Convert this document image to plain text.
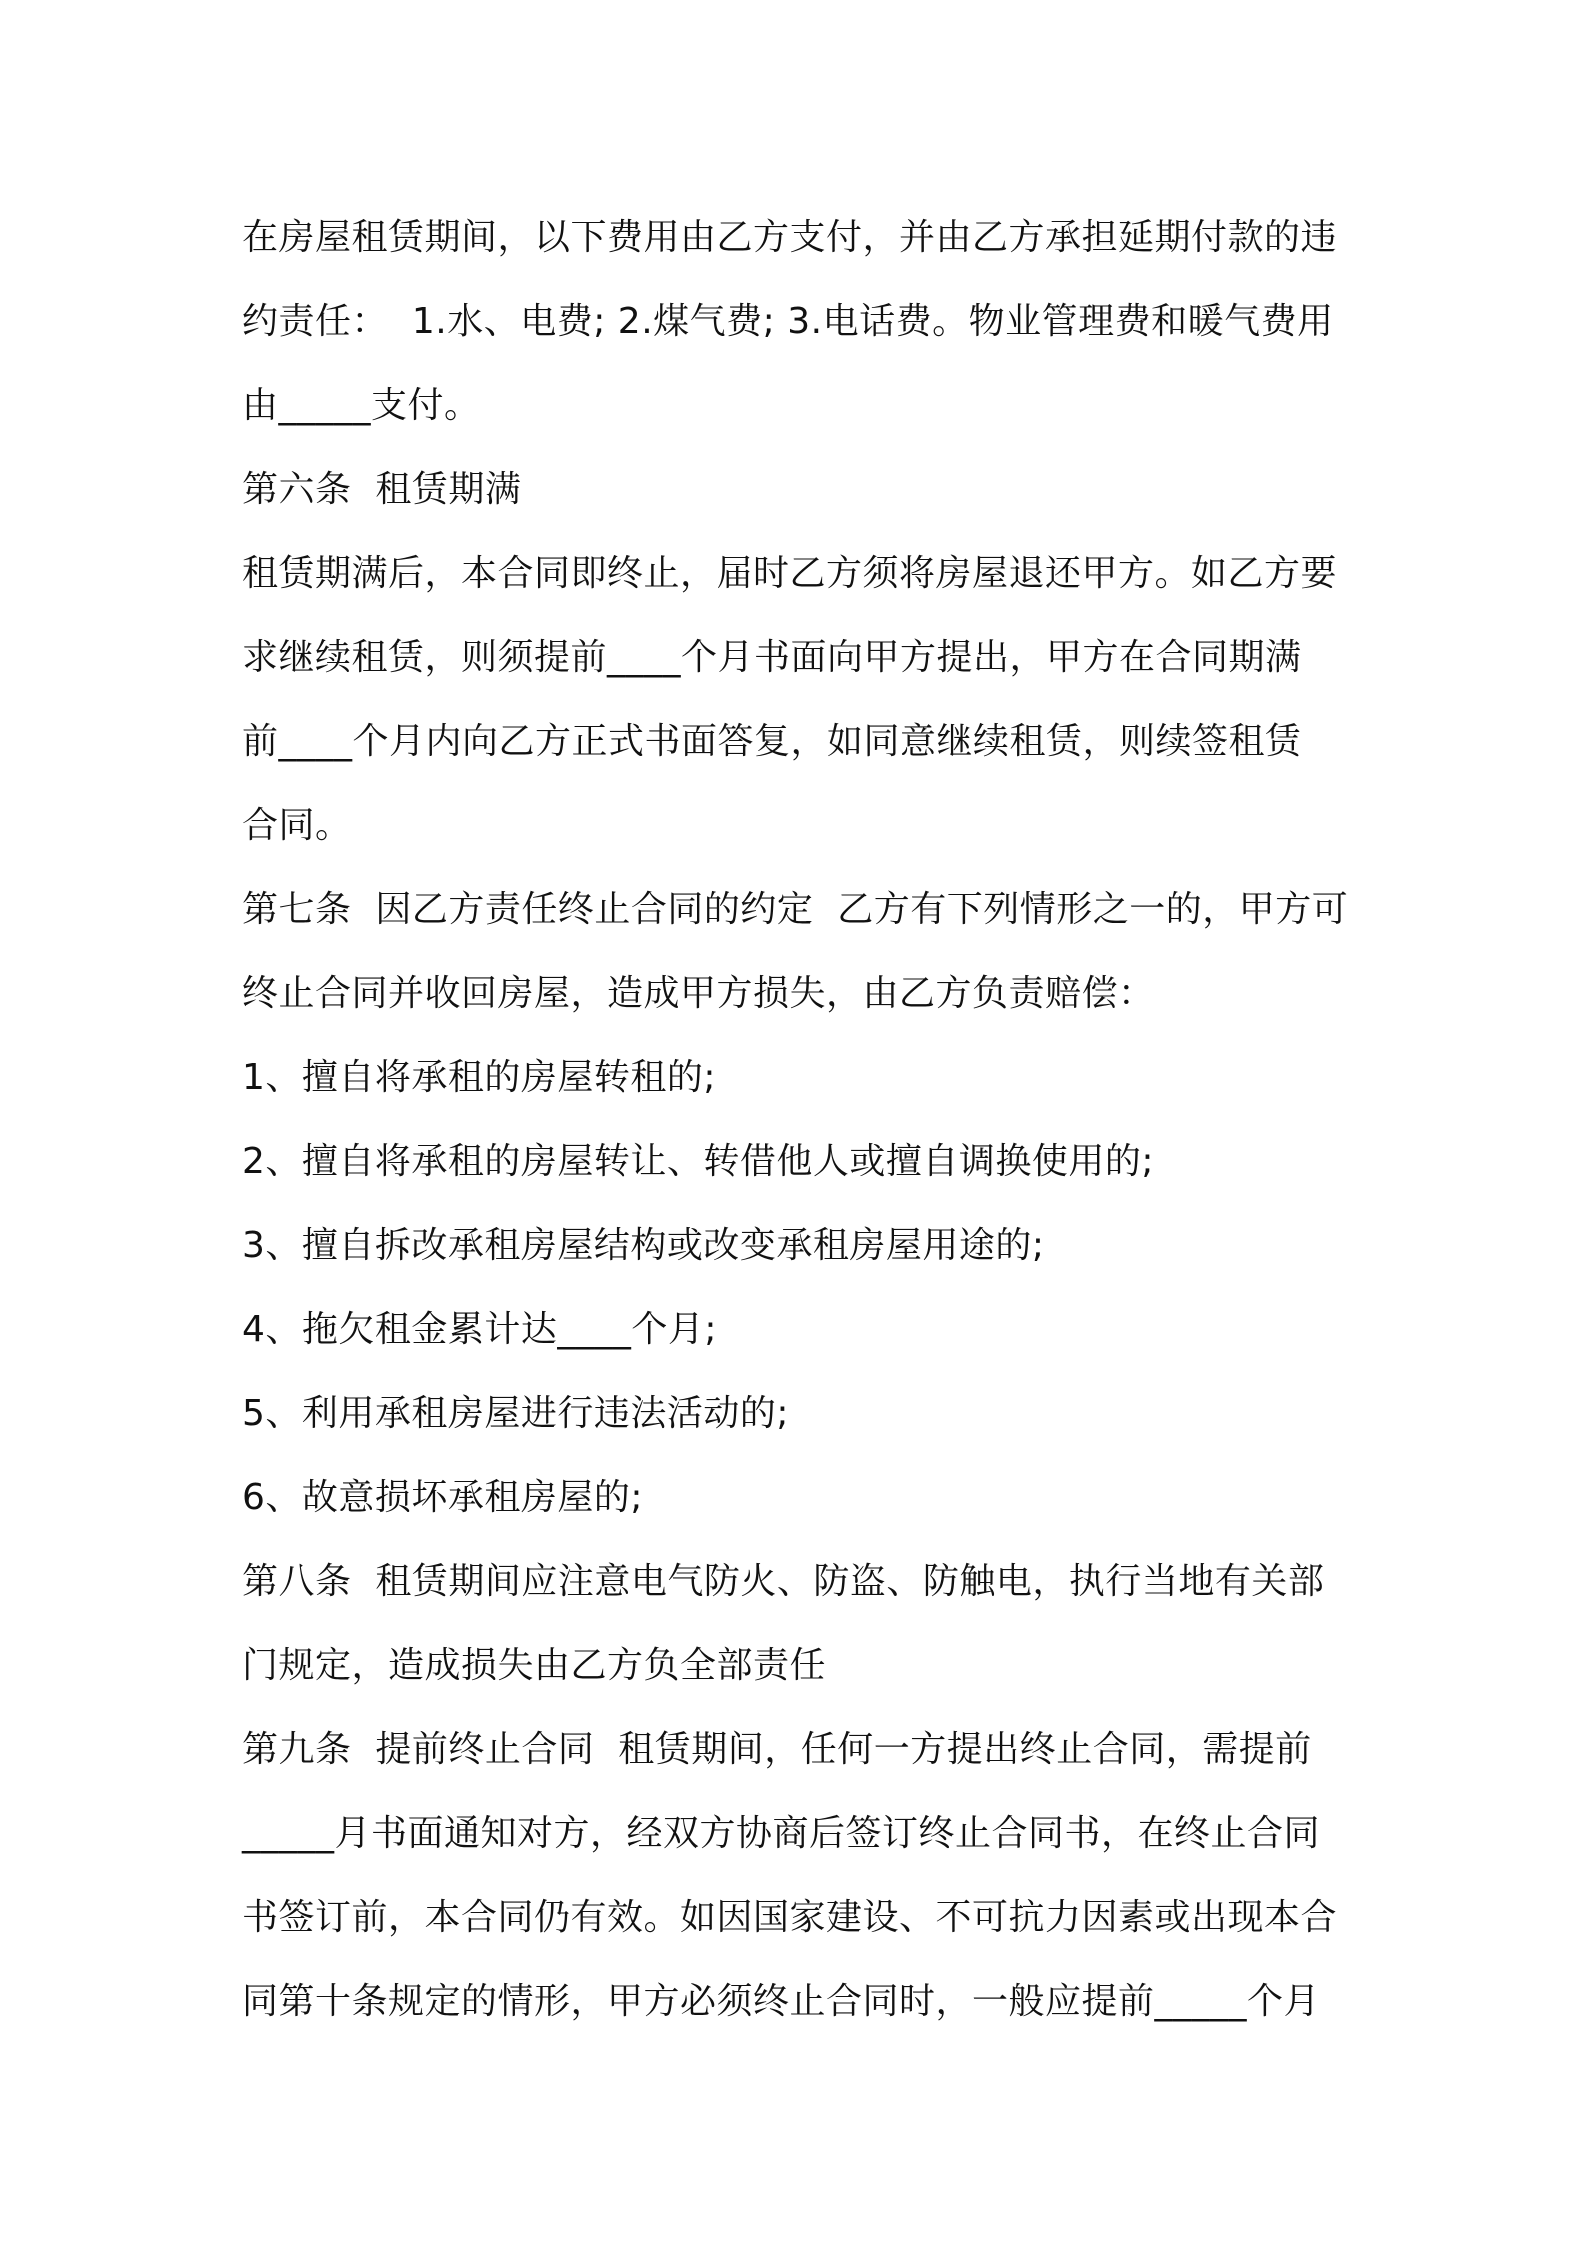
在房屋租赁期间，以下费用由乙方支付，并由乙方承担延期付款的违
约责任：  1.水、电费; 2.煤气费; 3.电话费。物业管理费和暖气费用
由_____支付。
第六条  租赁期满
租赁期满后，本合同即终止，届时乙方须将房屋退还甲方。如乙方要
求继续租赁，则须提前____个月书面向甲方提出，甲方在合同期满
前____个月内向乙方正式书面答复，如同意继续租赁，则续签租赁
合同。
第七条  因乙方责任终止合同的约定  乙方有下列情形之一的，甲方可
终止合同并收回房屋，造成甲方损失，由乙方负责赔偿：
1、擅自将承租的房屋转租的;
2、擅自将承租的房屋转让、转借他人或擅自调换使用的;
3、擅自拆改承租房屋结构或改变承租房屋用途的;
4、拖欠租金累计达____个月;
5、利用承租房屋进行违法活动的;
6、故意损坏承租房屋的;
第八条  租赁期间应注意电气防火、防盗、防触电，执行当地有关部
门规定，造成损失由乙方负全部责任
第九条  提前终止合同  租赁期间，任何一方提出终止合同，需提前
_____月书面通知对方，经双方协商后签订终止合同书，在终止合同
书签订前，本合同仍有效。如因国家建设、不可抗力因素或出现本合
同第十条规定的情形，甲方必须终止合同时，一般应提前_____个月
